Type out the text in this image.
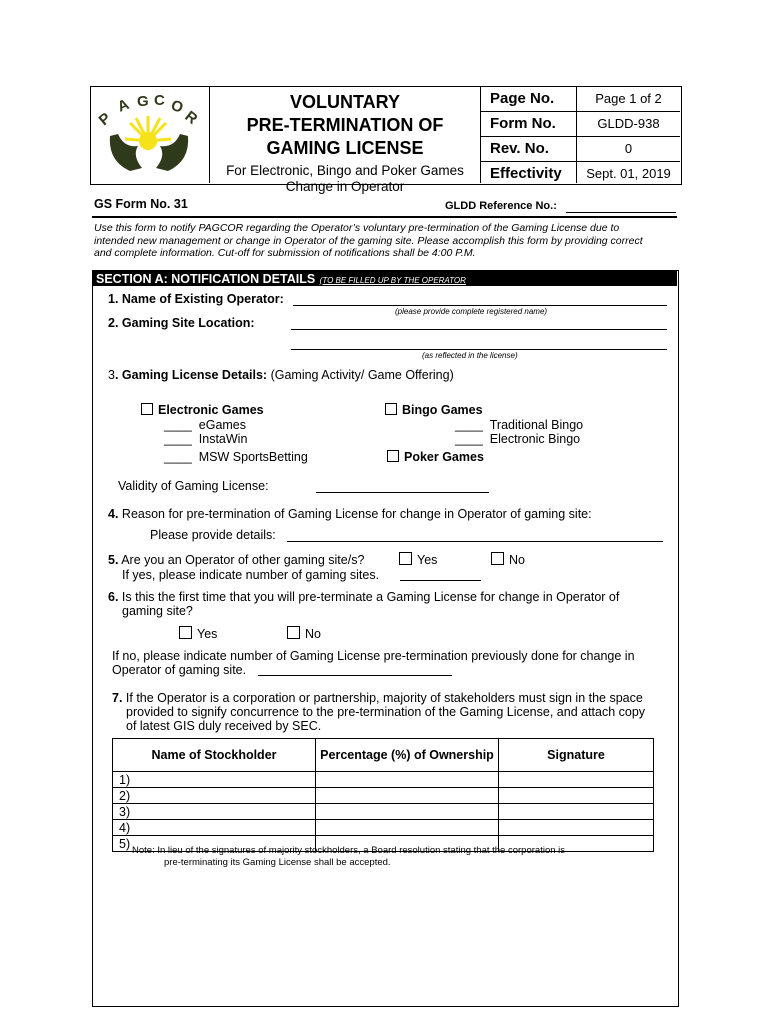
P
A G C O
R
VOLUNTARY
PRE-TERMINATION OF
GAMING LICENSE
For Electronic, Bingo and Poker Games
Change in Operator
Page No.	Page 1 of 2
Form No.	GLDD-938
Rev. No.	0
Effectivity	Sept. 01, 2019
GS Form No. 31	GLDD Reference No.:
Use this form to notify PAGCOR regarding the Operator’s voluntary pre-termination of the Gaming License due to
intended new management or change in Operator of the gaming site. Please accomplish this form by providing correct
and complete information. Cut-off for submission of notifications shall be 4:00 P.M.
SECTION A: NOTIFICATION DETAILS (TO BE FILLED UP BY THE OPERATOR
1. Name of Existing Operator:
(please provide complete registered name)
2. Gaming Site Location:
(as reflected in the license)
3. Gaming License Details: (Gaming Activity/ Game Offering)
Electronic Games
____ eGames
____ InstaWin
____ MSW SportsBetting
Bingo Games
____ Traditional Bingo
____ Electronic Bingo
Poker Games
Validity of Gaming License:
4. Reason for pre-termination of Gaming License for change in Operator of gaming site:
Please provide details:
5. Are you an Operator of other gaming site/s?	Yes	No
If yes, please indicate number of gaming sites.
6. Is this the first time that you will pre-terminate a Gaming License for change in Operator of
gaming site?
Yes	No
If no, please indicate number of Gaming License pre-termination previously done for change in
Operator of gaming site.
7. If the Operator is a corporation or partnership, majority of stakeholders must sign in the space
provided to signify concurrence to the pre-termination of the Gaming License, and attach copy
of latest GIS duly received by SEC.
Name of Stockholder	Percentage (%) of Ownership	Signature
1)		
2)		
3)		
4)		
5)		Note: In lieu of the signatures of majority stockholders, a Board resolution stating that the corporation is
pre-terminating its Gaming License shall be accepted.
